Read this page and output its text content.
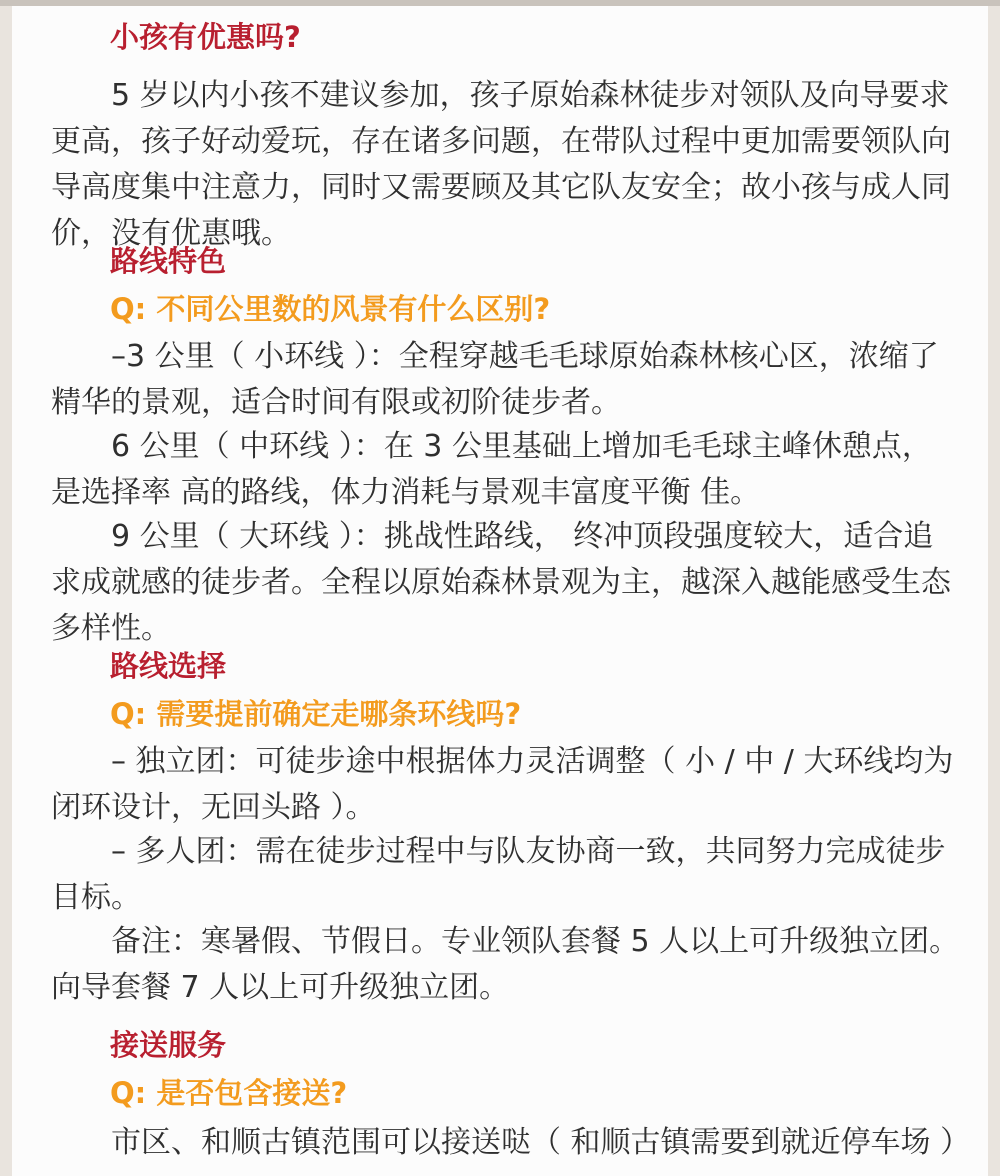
小孩有优惠吗?

5 岁以内小孩不建议参加，孩子原始森林徒步对领队及向导要求更高，孩子好动爱玩，存在诸多问题，在带队过程中更加需要领队向导高度集中注意力，同时又需要顾及其它队友安全；故小孩与成人同价，没有优惠哦。

路线特色
Q: 不同公里数的风景有什么区别?

–3 公里（ 小环线 ）：全程穿越毛毛球原始森林核心区，浓缩了精华的景观，适合时间有限或初阶徒步者。

6 公里（ 中环线 ）：在 3 公里基础上增加毛毛球主峰休憩点，是选择率 高的路线，体力消耗与景观丰富度平衡 佳。

9 公里（ 大环线 ）：挑战性路线， 终冲顶段强度较大，适合追求成就感的徒步者。全程以原始森林景观为主，越深入越能感受生态多样性。

路线选择
Q: 需要提前确定走哪条环线吗?

– 独立团：可徒步途中根据体力灵活调整（ 小 / 中 / 大环线均为闭环设计，无回头路 ）。

– 多人团：需在徒步过程中与队友协商一致，共同努力完成徒步目标。

备注：寒暑假、节假日。专业领队套餐 5 人以上可升级独立团。向导套餐 7 人以上可升级独立团。

接送服务
Q: 是否包含接送?

市区、和顺古镇范围可以接送哒（ 和顺古镇需要到就近停车场 ）
